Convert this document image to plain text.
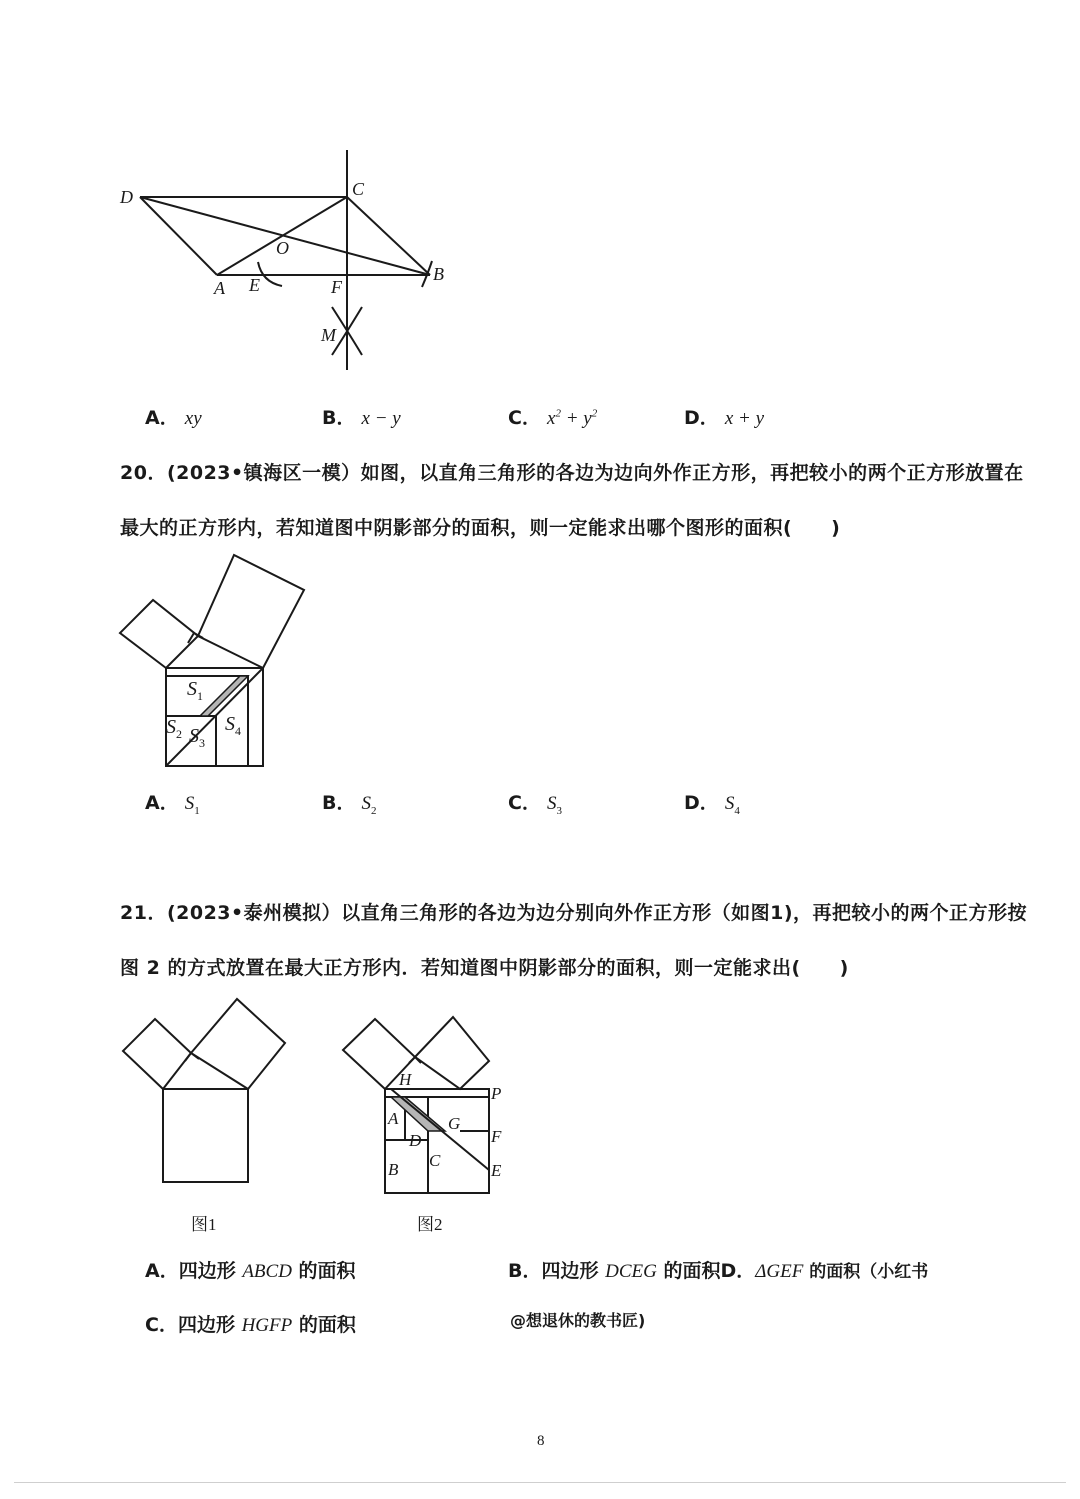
D	C
O
A E	F
B
M
A． xy	B． x − y	C． $x^2 + y^2$	D． x + y
20．(2023•镇海区一模）如图，以直角三角形的各边为边向外作正方形，再把较小的两个正方形放置在
最大的正方形内，若知道图中阴影部分的面积，则一定能求出哪个图形的面积(　　)
$S_1$
$S_2$ $S_3$
$S_4$
A． $S_1$	B． $S_2$	C． $S_3$	D． $S_4$
21．(2023•泰州模拟）以直角三角形的各边为边分别向外作正方形（如图1)，再把较小的两个正方形按
图 2 的方式放置在最大正方形内．若知道图中阴影部分的面积，则一定能求出(　　)
图1
H
P
A	G
F
D
C
B	E
图2
A．四边形 ABCD 的面积	B．四边形 DCEG 的面积D．ΔGEF 的面积（小红书
C．四边形 HGFP 的面积	@想退休的教书匠)
8
